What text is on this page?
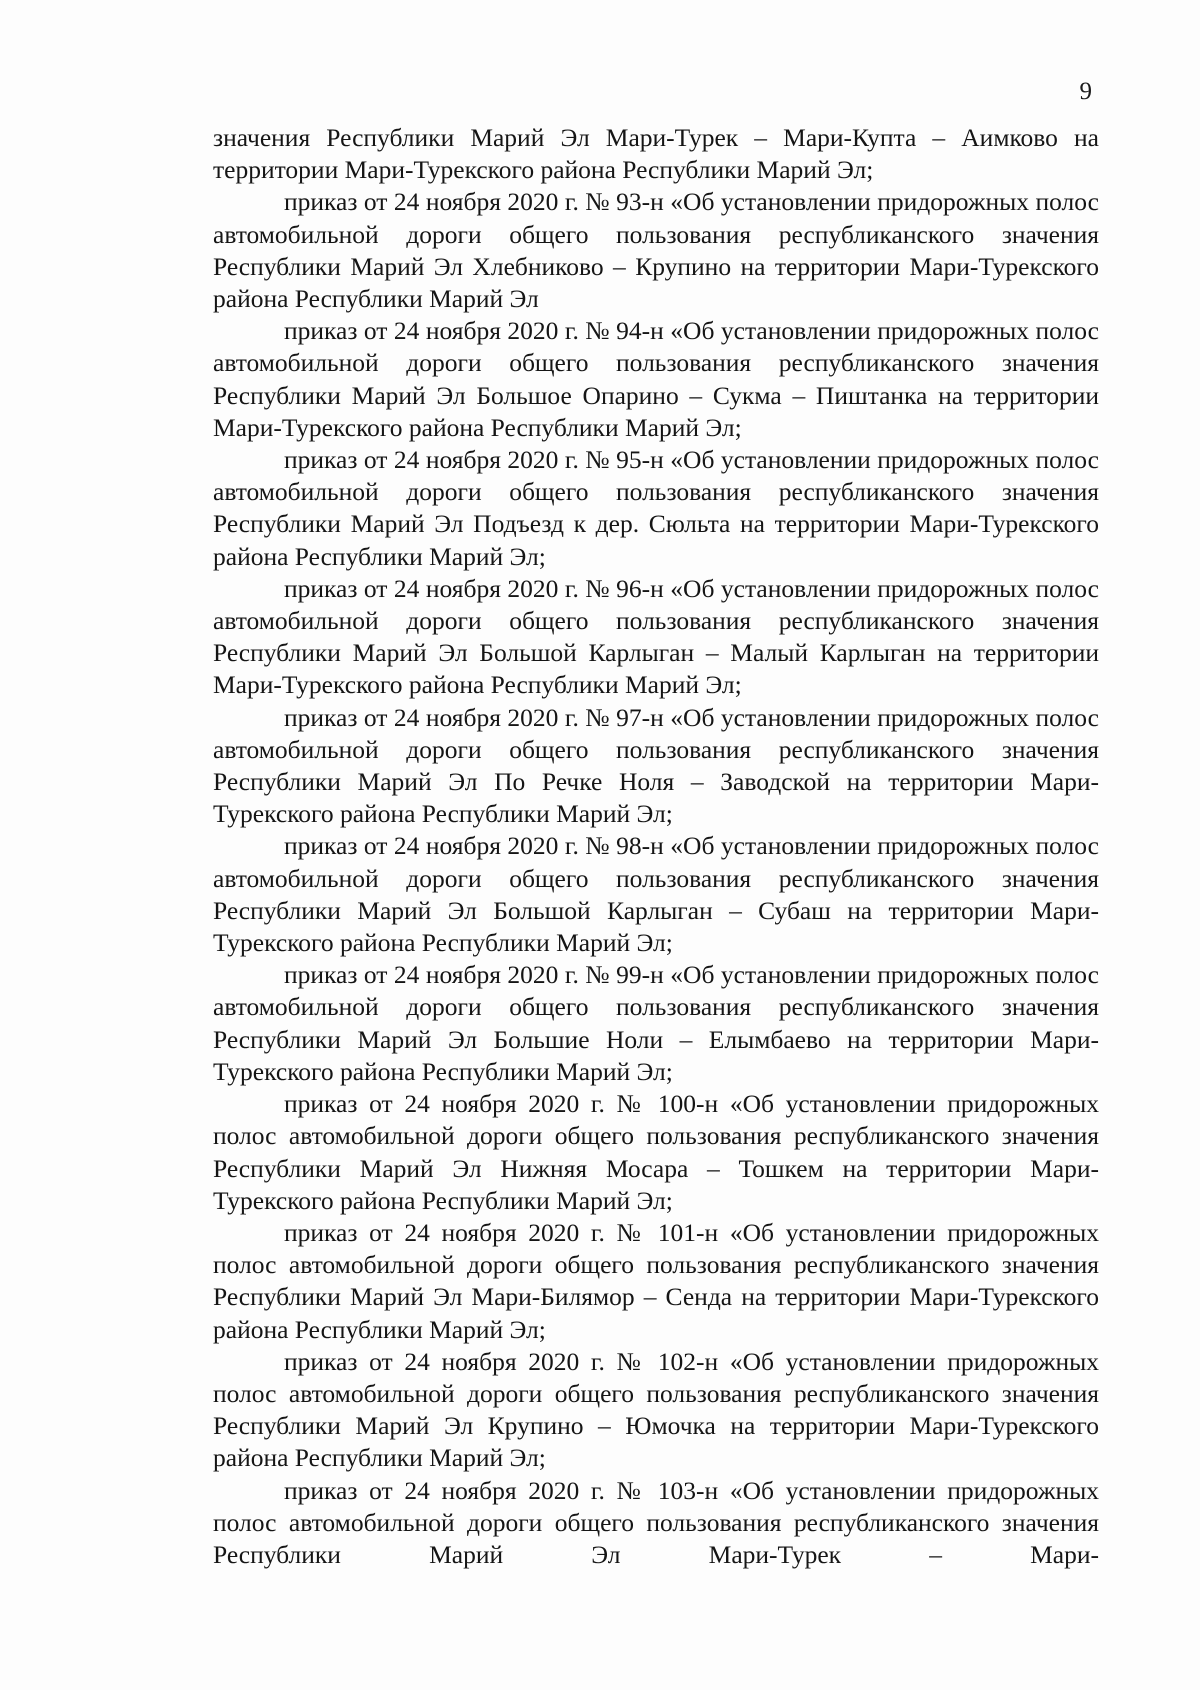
9

значения Республики Марий Эл Мари-Турек – Мари-Купта – Аимково на территории Мари-Турекского района Республики Марий Эл;

приказ от 24 ноября 2020 г. № 93-н «Об установлении придорожных полос автомобильной дороги общего пользования республиканского значения Республики Марий Эл Хлебниково – Крупино на территории Мари-Турекского района Республики Марий Эл

приказ от 24 ноября 2020 г. № 94-н «Об установлении придорожных полос автомобильной дороги общего пользования республиканского значения Республики Марий Эл Большое Опарино – Сукма – Пиштанка на территории Мари-Турекского района Республики Марий Эл;

приказ от 24 ноября 2020 г. № 95-н «Об установлении придорожных полос автомобильной дороги общего пользования республиканского значения Республики Марий Эл Подъезд к дер. Сюльта на территории Мари-Турекского района Республики Марий Эл;

приказ от 24 ноября 2020 г. № 96-н «Об установлении придорожных полос автомобильной дороги общего пользования республиканского значения Республики Марий Эл Большой Карлыган – Малый Карлыган на территории Мари-Турекского района Республики Марий Эл;

приказ от 24 ноября 2020 г. № 97-н «Об установлении придорожных полос автомобильной дороги общего пользования республиканского значения Республики Марий Эл По Речке Ноля – Заводской на территории Мари-Турекского района Республики Марий Эл;

приказ от 24 ноября 2020 г. № 98-н «Об установлении придорожных полос автомобильной дороги общего пользования республиканского значения Республики Марий Эл Большой Карлыган – Субаш на территории Мари-Турекского района Республики Марий Эл;

приказ от 24 ноября 2020 г. № 99-н «Об установлении придорожных полос автомобильной дороги общего пользования республиканского значения Республики Марий Эл Большие Ноли – Елымбаево на территории Мари-Турекского района Республики Марий Эл;

приказ от 24 ноября 2020 г. № 100-н «Об установлении придорожных полос автомобильной дороги общего пользования республиканского значения Республики Марий Эл Нижняя Мосара – Тошкем на территории Мари-Турекского района Республики Марий Эл;

приказ от 24 ноября 2020 г. № 101-н «Об установлении придорожных полос автомобильной дороги общего пользования республиканского значения Республики Марий Эл Мари-Билямор – Сенда на территории Мари-Турекского района Республики Марий Эл;

приказ от 24 ноября 2020 г. № 102-н «Об установлении придорожных полос автомобильной дороги общего пользования республиканского значения Республики Марий Эл Крупино – Юмочка на территории Мари-Турекского района Республики Марий Эл;

приказ от 24 ноября 2020 г. № 103-н «Об установлении придорожных полос автомобильной дороги общего пользования республиканского значения Республики Марий Эл Мари-Турек – Мари-
